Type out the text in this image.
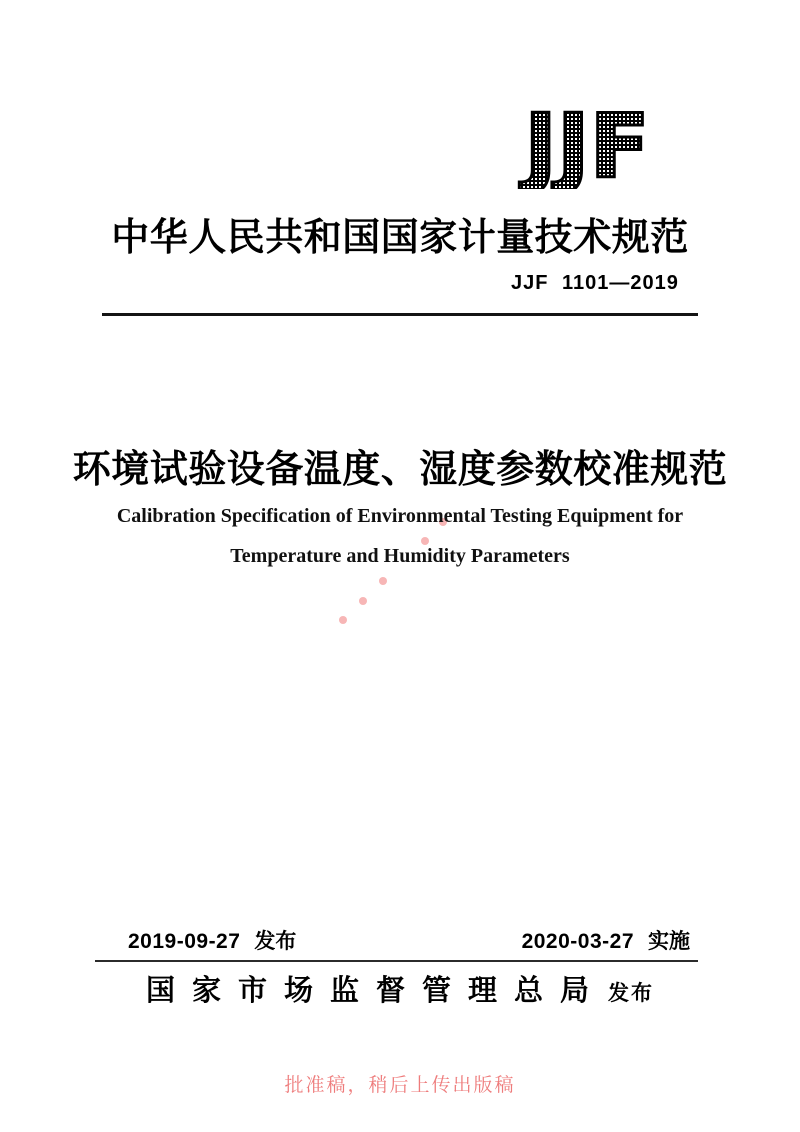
JJF
中华人民共和国国家计量技术规范
JJF 1101—2019
环境试验设备温度、湿度参数校准规范
Calibration Specification of Environmental Testing Equipment for
Temperature and Humidity Parameters
2019-09-27 发布	2020-03-27 实施
国家市场监督管理总局发布
批准稿，稍后上传出版稿
